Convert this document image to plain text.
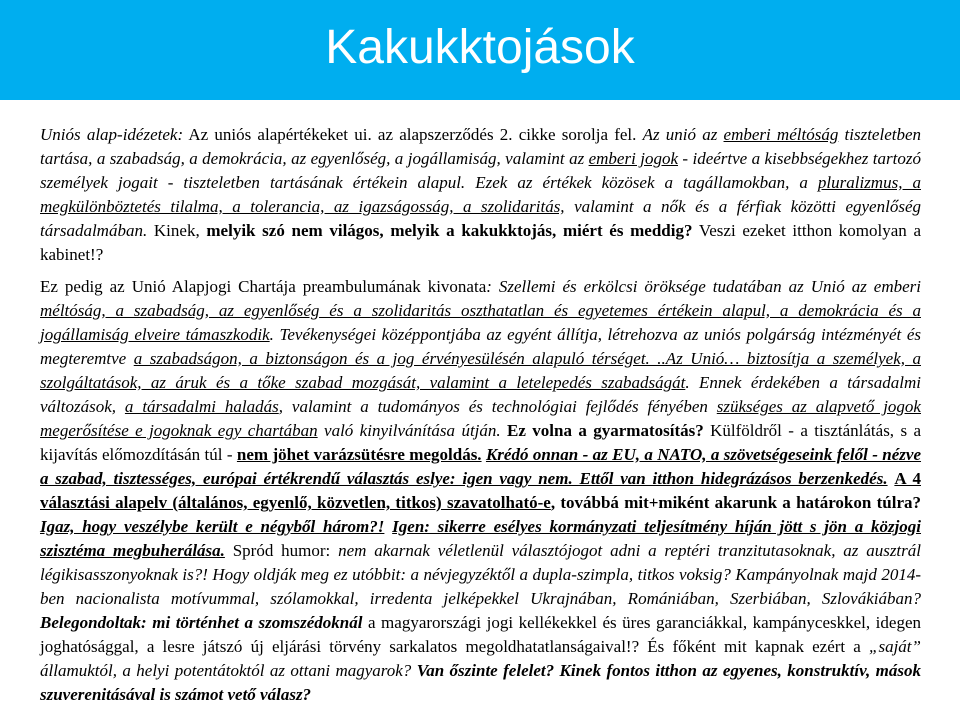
Kakukktojások

Uniós alap-idézetek: Az uniós alapértékeket ui. az alapszerződés 2. cikke sorolja fel. Az unió az emberi méltóság tiszteletben tartása, a szabadság, a demokrácia, az egyenlőség, a jogállamiság, valamint az emberi jogok - ideértve a kisebbségekhez tartozó személyek jogait - tiszteletben tartásának értékein alapul. Ezek az értékek közösek a tagállamokban, a pluralizmus, a megkülönböztetés tilalma, a tolerancia, az igazságosság, a szolidaritás, valamint a nők és a férfiak közötti egyenlőség társadalmában. Kinek, melyik szó nem világos, melyik a kakukktojás, miért és meddig? Veszi ezeket itthon komolyan a kabinet!?

Ez pedig az Unió Alapjogi Chartája preambulumának kivonata: Szellemi és erkölcsi öröksége tudatában az Unió az emberi méltóság, a szabadság, az egyenlőség és a szolidaritás oszthatatlan és egyetemes értékein alapul, a demokrácia és a jogállamiság elveire támaszkodik. Tevékenységei középpontjába az egyént állítja, létrehozva az uniós polgárság intézményét és megteremtve a szabadságon, a biztonságon és a jog érvényesülésén alapuló térséget. ..Az Unió… biztosítja a személyek, a szolgáltatások, az áruk és a tőke szabad mozgását, valamint a letelepedés szabadságát. Ennek érdekében a társadalmi változások, a társadalmi haladás, valamint a tudományos és technológiai fejlődés fényében szükséges az alapvető jogok megerősítése e jogoknak egy chartában való kinyilvánítása útján. Ez volna a gyarmatosítás? Külföldről - a tisztánlátás, s a kijavítás előmozdításán túl - nem jöhet varázsütésre megoldás. Krédó onnan - az EU, a NATO, a szövetségeseink felől - nézve a szabad, tisztességes, európai értékrendű választás eslye: igen vagy nem. Ettől van itthon hidegrázásos berzenkedés. A 4 választási alapelv (általános, egyenlő, közvetlen, titkos) szavatolható-e, továbbá mit+miként akarunk a határokon túlra? Igaz, hogy veszélybe került e négyből három?! Igen: sikerre esélyes kormányzati teljesítmény híján jött s jön a közjogi szisztéma megbuherálása. Spród humor: nem akarnak véletlenül választójogot adni a reptéri tranzitutasoknak, az ausztrál légikisasszonyoknak is?! Hogy oldják meg ez utóbbit: a névjegyzéktől a dupla-szimpla, titkos voksig? Kampányolnak majd 2014-ben nacionalista motívummal, szólamokkal, irredenta jelképekkel Ukrajnában, Romániában, Szerbiában, Szlovákiában? Belegondoltak: mi történhet a szomszédoknál a magyarországi jogi kellékekkel és üres garanciákkal, kampányceskkel, idegen joghatósággal, a lesre játszó új eljárási törvény sarkalatos megoldhatatlanságaival!? És főként mit kapnak ezért a „saját” államuktól, a helyi potentátoktól az ottani magyarok? Van őszinte felelet? Kinek fontos itthon az egyenes, konstruktív, mások szuverenitásával is számot vető válasz?
